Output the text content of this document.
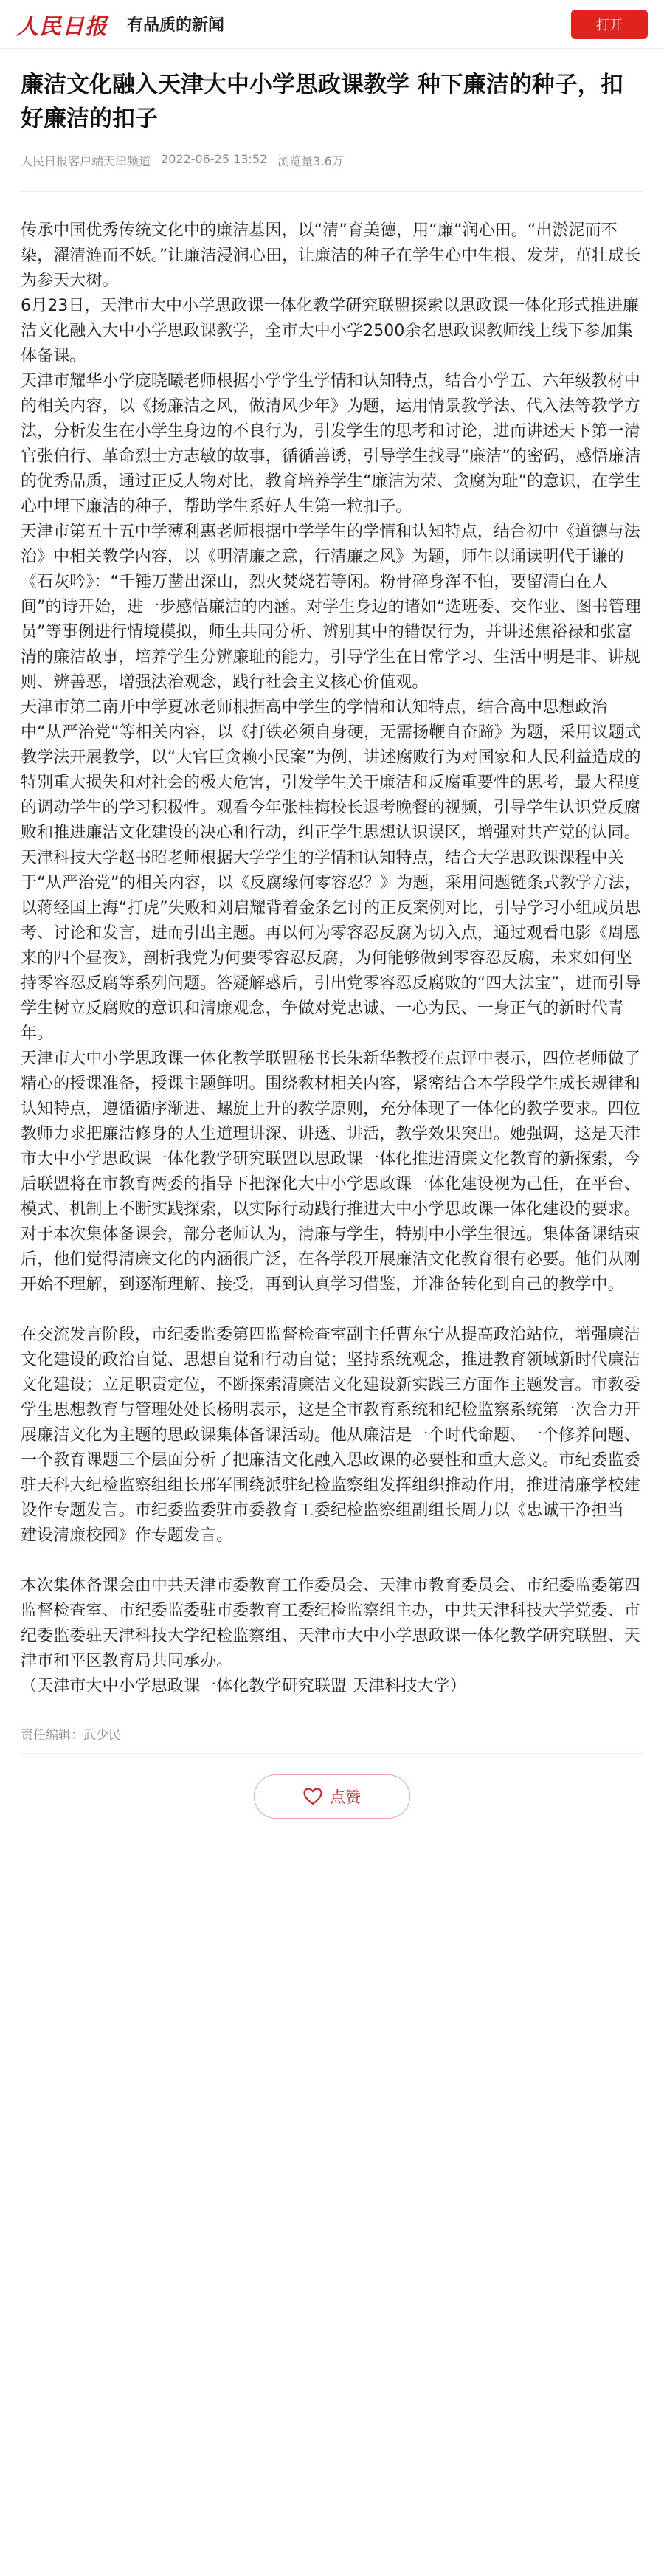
人民日报 有品质的新闻	打开
廉洁文化融入天津大中小学思政课教学 种下廉洁的种子，扣好廉洁的扣子
人民日报客户端天津频道 2022-06-25 13:52 浏览量3.6万

传承中国优秀传统文化中的廉洁基因，以“清”育美德，用“廉”润心田。“出淤泥而不染，濯清涟而不妖。”让廉洁浸润心田，让廉洁的种子在学生心中生根、发芽，茁壮成长为参天大树。

6月23日，天津市大中小学思政课一体化教学研究联盟探索以思政课一体化形式推进廉洁文化融入大中小学思政课教学，全市大中小学2500余名思政课教师线上线下参加集体备课。

天津市耀华小学庞晓曦老师根据小学学生学情和认知特点，结合小学五、六年级教材中的相关内容，以《扬廉洁之风，做清风少年》为题，运用情景教学法、代入法等教学方法，分析发生在小学生身边的不良行为，引发学生的思考和讨论，进而讲述天下第一清官张伯行、革命烈士方志敏的故事，循循善诱，引导学生找寻“廉洁”的密码，感悟廉洁的优秀品质，通过正反人物对比，教育培养学生“廉洁为荣、贪腐为耻”的意识，在学生心中埋下廉洁的种子，帮助学生系好人生第一粒扣子。

天津市第五十五中学薄利惠老师根据中学学生的学情和认知特点，结合初中《道德与法治》中相关教学内容，以《明清廉之意，行清廉之风》为题，师生以诵读明代于谦的《石灰吟》：“千锤万凿出深山，烈火焚烧若等闲。粉骨碎身浑不怕，要留清白在人间”的诗开始，进一步感悟廉洁的内涵。对学生身边的诸如“选班委、交作业、图书管理员”等事例进行情境模拟，师生共同分析、辨别其中的错误行为，并讲述焦裕禄和张富清的廉洁故事，培养学生分辨廉耻的能力，引导学生在日常学习、生活中明是非、讲规则、辨善恶，增强法治观念，践行社会主义核心价值观。

天津市第二南开中学夏冰老师根据高中学生的学情和认知特点，结合高中思想政治中“从严治党”等相关内容，以《打铁必须自身硬，无需扬鞭自奋蹄》为题，采用议题式教学法开展教学，以“大官巨贪赖小民案”为例，讲述腐败行为对国家和人民利益造成的特别重大损失和对社会的极大危害，引发学生关于廉洁和反腐重要性的思考，最大程度的调动学生的学习积极性。观看今年张桂梅校长退考晚餐的视频，引导学生认识党反腐败和推进廉洁文化建设的决心和行动，纠正学生思想认识误区，增强对共产党的认同。

天津科技大学赵书昭老师根据大学学生的学情和认知特点，结合大学思政课课程中关于“从严治党”的相关内容，以《反腐缘何零容忍？》为题，采用问题链条式教学方法，以蒋经国上海“打虎”失败和刘启耀背着金条乞讨的正反案例对比，引导学习小组成员思考、讨论和发言，进而引出主题。再以何为零容忍反腐为切入点，通过观看电影《周恩来的四个昼夜》，剖析我党为何要零容忍反腐，为何能够做到零容忍反腐，未来如何坚持零容忍反腐等系列问题。答疑解惑后，引出党零容忍反腐败的“四大法宝”，进而引导学生树立反腐败的意识和清廉观念，争做对党忠诚、一心为民、一身正气的新时代青年。

天津市大中小学思政课一体化教学联盟秘书长朱新华教授在点评中表示，四位老师做了精心的授课准备，授课主题鲜明。围绕教材相关内容，紧密结合本学段学生成长规律和认知特点，遵循循序渐进、螺旋上升的教学原则，充分体现了一体化的教学要求。四位教师力求把廉洁修身的人生道理讲深、讲透、讲活，教学效果突出。她强调，这是天津市大中小学思政课一体化教学研究联盟以思政课一体化推进清廉文化教育的新探索，今后联盟将在市教育两委的指导下把深化大中小学思政课一体化建设视为己任，在平台、模式、机制上不断实践探索，以实际行动践行推进大中小学思政课一体化建设的要求。

对于本次集体备课会，部分老师认为，清廉与学生，特别中小学生很远。集体备课结束后，他们觉得清廉文化的内涵很广泛，在各学段开展廉洁文化教育很有必要。他们从刚开始不理解，到逐渐理解、接受，再到认真学习借鉴，并准备转化到自己的教学中。

在交流发言阶段，市纪委监委第四监督检查室副主任曹东宁从提高政治站位，增强廉洁文化建设的政治自觉、思想自觉和行动自觉；坚持系统观念，推进教育领域新时代廉洁文化建设；立足职责定位，不断探索清廉洁文化建设新实践三方面作主题发言。市教委学生思想教育与管理处处长杨明表示，这是全市教育系统和纪检监察系统第一次合力开展廉洁文化为主题的思政课集体备课活动。他从廉洁是一个时代命题、一个修养问题、一个教育课题三个层面分析了把廉洁文化融入思政课的必要性和重大意义。市纪委监委驻天科大纪检监察组组长邢军围绕派驻纪检监察组发挥组织推动作用，推进清廉学校建设作专题发言。市纪委监委驻市委教育工委纪检监察组副组长周力以《忠诚干净担当 建设清廉校园》作专题发言。

本次集体备课会由中共天津市委教育工作委员会、天津市教育委员会、市纪委监委第四监督检查室、市纪委监委驻市委教育工委纪检监察组主办，中共天津科技大学党委、市纪委监委驻天津科技大学纪检监察组、天津市大中小学思政课一体化教学研究联盟、天津市和平区教育局共同承办。

（天津市大中小学思政课一体化教学研究联盟 天津科技大学）

责任编辑：武少民
点赞
